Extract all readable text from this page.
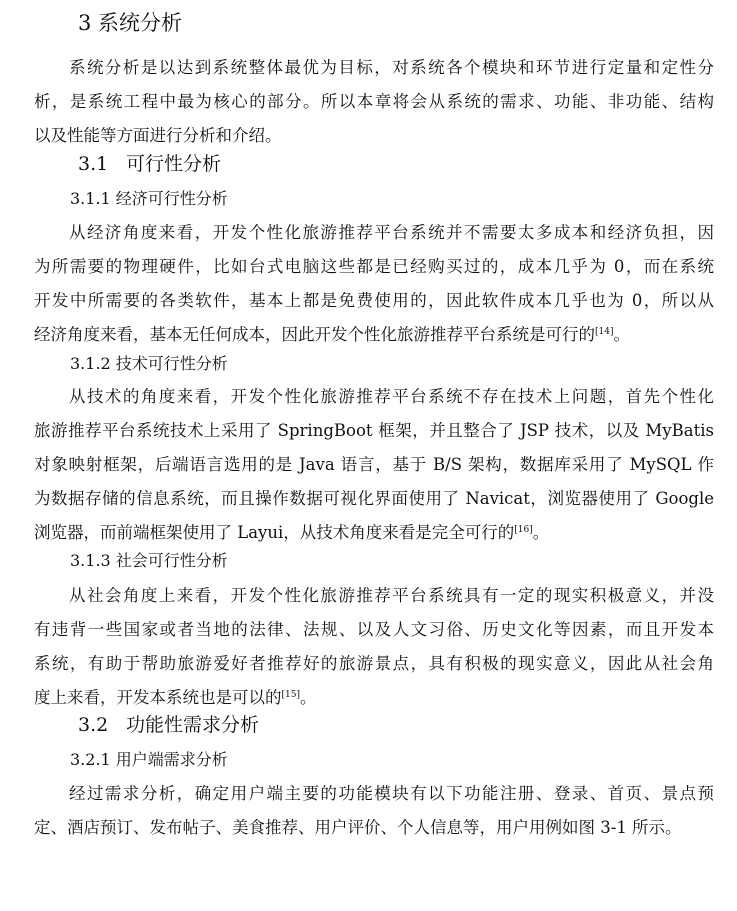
3 系统分析
系统分析是以达到系统整体最优为目标，对系统各个模块和环节进行定量和定性分
析，是系统工程中最为核心的部分。所以本章将会从系统的需求、功能、非功能、结构
以及性能等方面进行分析和介绍。
3.1 可行性分析
3.1.1 经济可行性分析
从经济角度来看，开发个性化旅游推荐平台系统并不需要太多成本和经济负担，因
为所需要的物理硬件，比如台式电脑这些都是已经购买过的，成本几乎为 0，而在系统
开发中所需要的各类软件，基本上都是免费使用的，因此软件成本几乎也为 0，所以从
经济角度来看，基本无任何成本，因此开发个性化旅游推荐平台系统是可行的[14]。
3.1.2 技术可行性分析
从技术的角度来看，开发个性化旅游推荐平台系统不存在技术上问题，首先个性化
旅游推荐平台系统技术上采用了 SpringBoot 框架，并且整合了 JSP 技术，以及 MyBatis
对象映射框架，后端语言选用的是 Java 语言，基于 B/S 架构，数据库采用了 MySQL 作
为数据存储的信息系统，而且操作数据可视化界面使用了 Navicat，浏览器使用了 Google
浏览器，而前端框架使用了 Layui，从技术角度来看是完全可行的[16]。
3.1.3 社会可行性分析
从社会角度上来看，开发个性化旅游推荐平台系统具有一定的现实积极意义，并没
有违背一些国家或者当地的法律、法规、以及人文习俗、历史文化等因素，而且开发本
系统，有助于帮助旅游爱好者推荐好的旅游景点，具有积极的现实意义，因此从社会角
度上来看，开发本系统也是可以的[15]。
3.2 功能性需求分析
3.2.1 用户端需求分析
经过需求分析，确定用户端主要的功能模块有以下功能注册、登录、首页、景点预
定、酒店预订、发布帖子、美食推荐、用户评价、个人信息等，用户用例如图 3-1 所示。
